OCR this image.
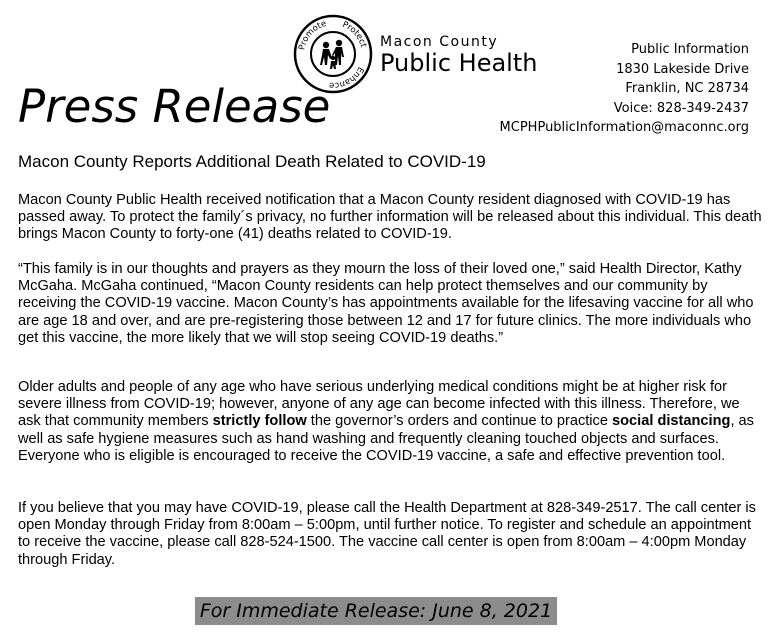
Promote Protect
Enhance
Macon County
Public Health	Public Information
1830 Lakeside Drive
Franklin, NC 28734
Voice: 828-349-2437
MCPHPublicInformation@maconnc.org
Press Release
Macon County Reports Additional Death Related to COVID-19

Macon County Public Health received notification that a Macon County resident diagnosed with COVID-19 has passed away. To protect the family´s privacy, no further information will be released about this individual. This death brings Macon County to forty-one (41) deaths related to COVID-19.

“This family is in our thoughts and prayers as they mourn the loss of their loved one,” said Health Director, Kathy McGaha. McGaha continued, “Macon County residents can help protect themselves and our community by receiving the COVID-19 vaccine. Macon County’s has appointments available for the lifesaving vaccine for all who are age 18 and over, and are pre-registering those between 12 and 17 for future clinics. The more individuals who get this vaccine, the more likely that we will stop seeing COVID-19 deaths.”

Older adults and people of any age who have serious underlying medical conditions might be at higher risk for severe illness from COVID-19; however, anyone of any age can become infected with this illness. Therefore, we ask that community members strictly follow the governor’s orders and continue to practice social distancing, as well as safe hygiene measures such as hand washing and frequently cleaning touched objects and surfaces. Everyone who is eligible is encouraged to receive the COVID-19 vaccine, a safe and effective prevention tool.

If you believe that you may have COVID-19, please call the Health Department at 828-349-2517. The call center is open Monday through Friday from 8:00am – 5:00pm, until further notice. To register and schedule an appointment to receive the vaccine, please call 828-524-1500. The vaccine call center is open from 8:00am – 4:00pm Monday through Friday.

For Immediate Release: June 8, 2021
